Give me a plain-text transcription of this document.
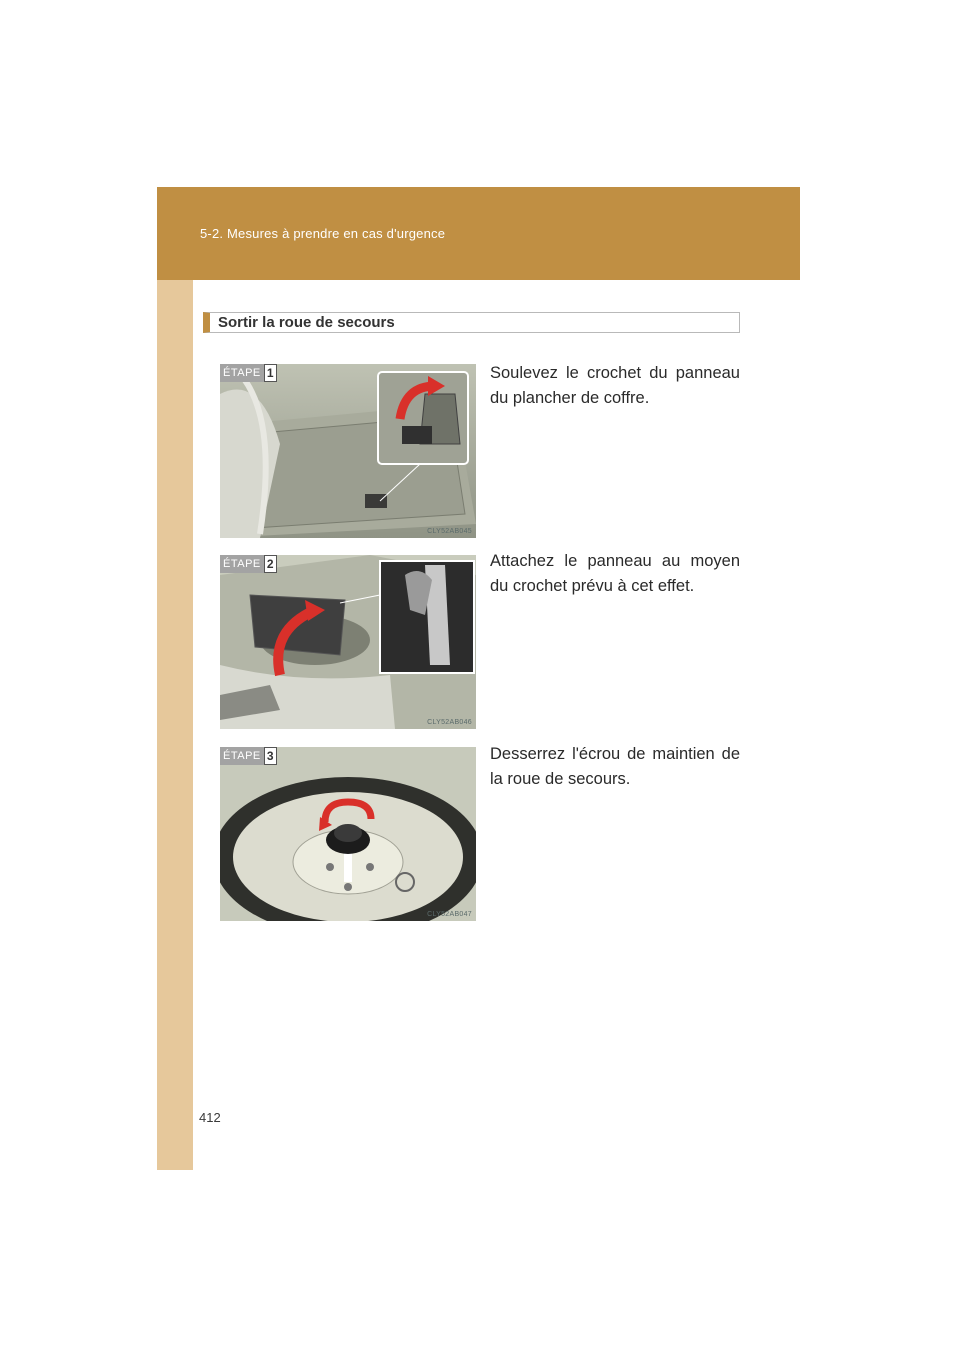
5-2. Mesures à prendre en cas d'urgence
Sortir la roue de secours
ÉTAPE 1
CLY52AB045
Soulevez le crochet du panneau du plancher de coffre.
ÉTAPE 2
CLY52AB046
Attachez le panneau au moyen du crochet prévu à cet effet.
ÉTAPE 3
CLY52AB047
Desserrez l'écrou de maintien de la roue de secours.
412
